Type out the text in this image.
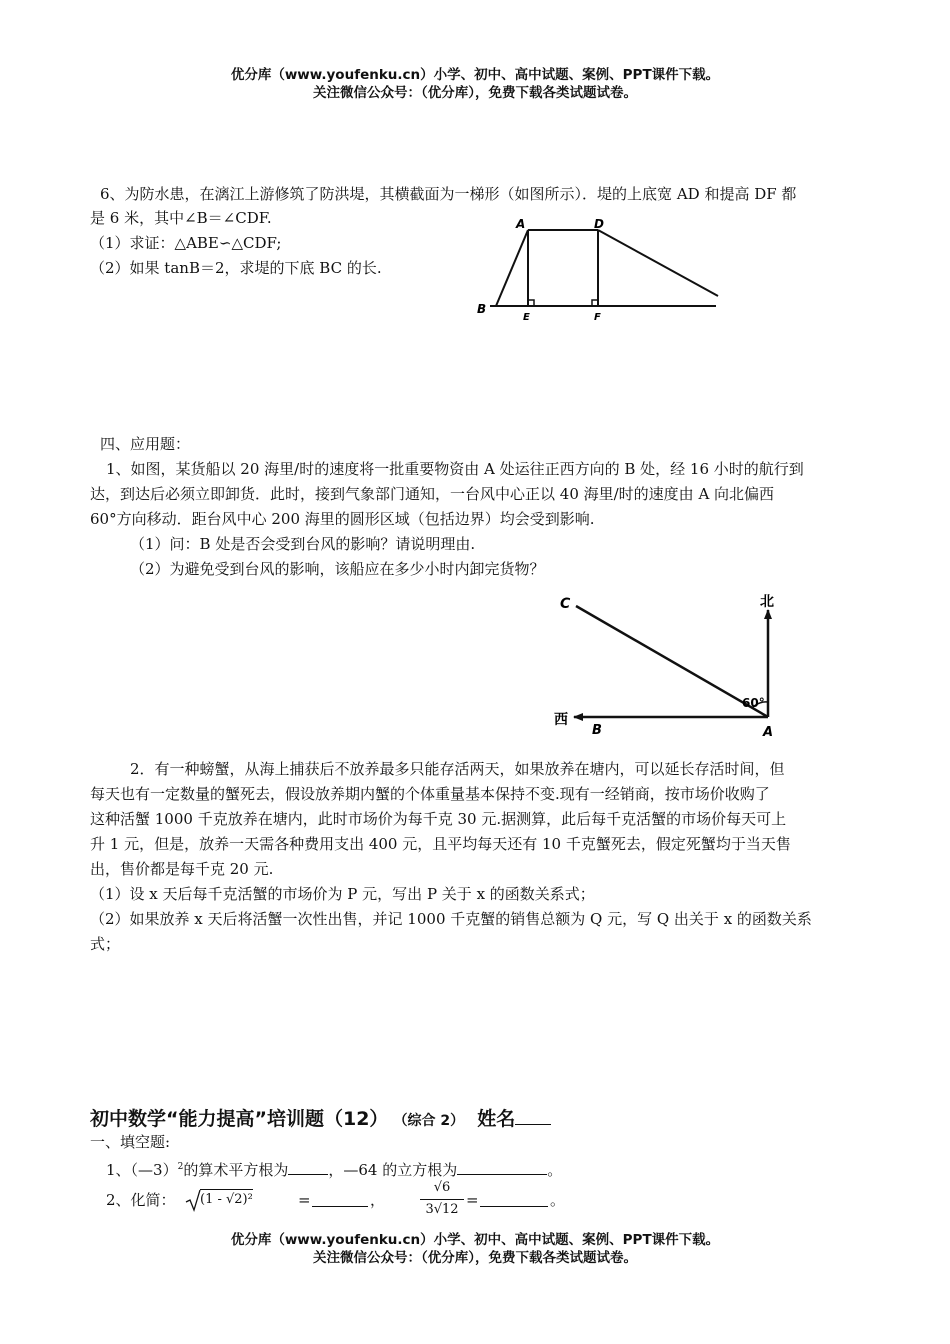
优分库（www.youfenku.cn）小学、初中、高中试题、案例、PPT课件下载。
关注微信公众号：（优分库），免费下载各类试题试卷。
6、为防水患，在漓江上游修筑了防洪堤，其横截面为一梯形（如图所示）．堤的上底宽 AD 和提高 DF 都
是 6 米，其中∠B＝∠CDF.
（1）求证：△ABE∽△CDF;
（2）如果 tanB＝2，求堤的下底 BC 的长.
A	D
B
E	F
四、应用题：
1、如图，某货船以 20 海里/时的速度将一批重要物资由 A 处运往正西方向的 B 处，经 16 小时的航行到
达，到达后必须立即卸货．此时，接到气象部门通知，一台风中心正以 40 海里/时的速度由 A 向北偏西
60°方向移动．距台风中心 200 海里的圆形区域（包括边界）均会受到影响.
（1）问：B 处是否会受到台风的影响？请说明理由.
（2）为避免受到台风的影响，该船应在多少小时内卸完货物？
C	北
60°
西
B	A
2．有一种螃蟹，从海上捕获后不放养最多只能存活两天，如果放养在塘内，可以延长存活时间，但
每天也有一定数量的蟹死去，假设放养期内蟹的个体重量基本保持不变.现有一经销商，按市场价收购了
这种活蟹 1000 千克放养在塘内，此时市场价为每千克 30 元.据测算，此后每千克活蟹的市场价每天可上
升 1 元，但是，放养一天需各种费用支出 400 元，且平均每天还有 10 千克蟹死去，假定死蟹均于当天售
出，售价都是每千克 20 元.
（1）设 x 天后每千克活蟹的市场价为 P 元，写出 P 关于 x 的函数关系式；
（2）如果放养 x 天后将活蟹一次性出售，并记 1000 千克蟹的销售总额为 Q 元，写 Q 出关于 x 的函数关系
式；
初中数学“能力提高”培训题（12） （综合 2） 姓名
一、填空题:
1、（—3）$^2$的算术平方根为	，—64 的立方根为	。
2、化简： (1 - √2)²	=	，
√6
3√12
=	。
优分库（www.youfenku.cn）小学、初中、高中试题、案例、PPT课件下载。
关注微信公众号：（优分库），免费下载各类试题试卷。
